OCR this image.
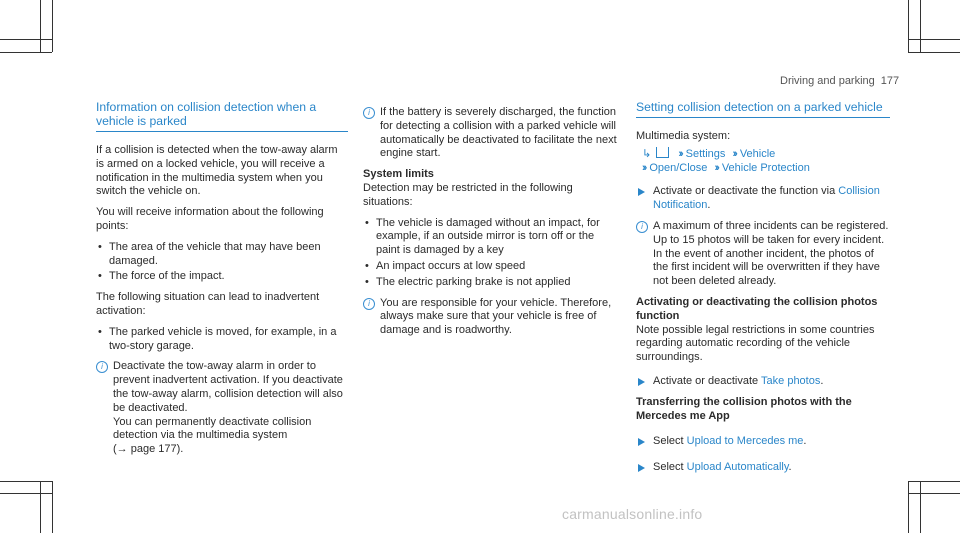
Driving and parking 177
Information on collision detection when a vehicle is parked

If a collision is detected when the tow-away alarm is armed on a locked vehicle, you will receive a notification in the multimedia system when you switch the vehicle on.

You will receive information about the following points:

• The area of the vehicle that may have been damaged.
• The force of the impact.

The following situation can lead to inadvertent activation:

• The parked vehicle is moved, for example, in a two-story garage.
i Deactivate the tow-away alarm in order to prevent inadvertent activation. If you deactivate the tow-away alarm, collision detection will also be deactivated.
You can permanently deactivate collision detection via the multimedia system
(→ page 177).
i If the battery is severely discharged, the function for detecting a collision with a parked vehicle will automatically be deactivated to facilitate the next engine start.
System limits

Detection may be restricted in the following situations:

• The vehicle is damaged without an impact, for example, if an outside mirror is torn off or the paint is damaged by a key
• An impact occurs at low speed
• The electric parking brake is not applied
i You are responsible for your vehicle. Therefore, always make sure that your vehicle is free of damage and is roadworthy.
Setting collision detection on a parked vehicle

Multimedia system:

↳ ›› Settings ›› Vehicle
›› Open/Close ›› Vehicle Protection
Activate or deactivate the function via Collision Notification.
i A maximum of three incidents can be registered. Up to 15 photos will be taken for every incident. In the event of another incident, the photos of the first incident will be overwritten if they have not been deleted already.
Activating or deactivating the collision photos function

Note possible legal restrictions in some countries regarding automatic recording of the vehicle surroundings.

Activate or deactivate Take photos.
Transferring the collision photos with the Mercedes me App
Select Upload to Mercedes me.
Select Upload Automatically.
carmanualsonline.info
